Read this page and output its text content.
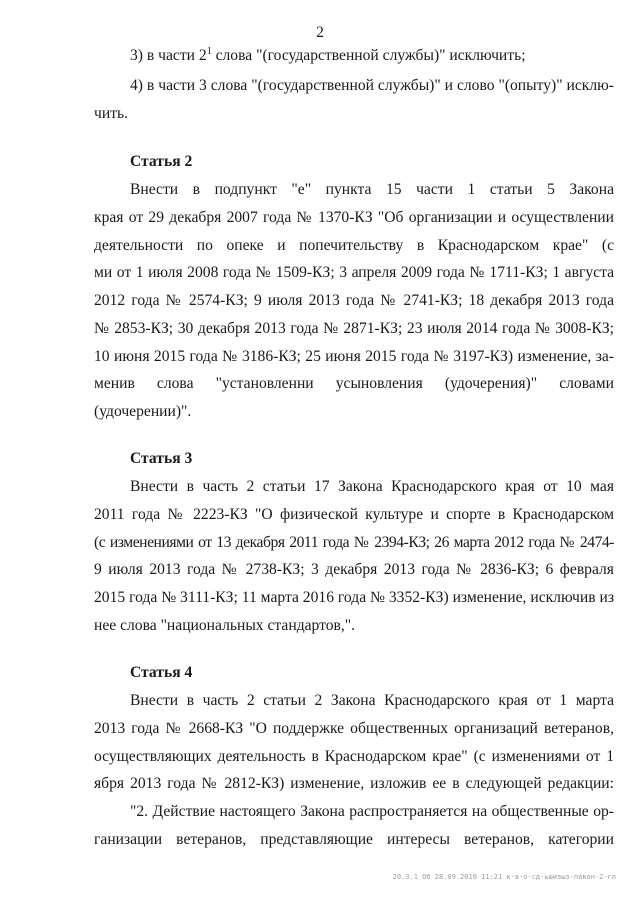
2
3) в части $2^1$ слова "(государственной службы)" исключить;
4) в части 3 слова "(государственной службы)" и слово "(опыту)" исклю-
чить.
Статья 2
Внести в подпункт "е" пункта 15 части 1 статьи 5 Закона
края от 29 декабря 2007 года № 1370-КЗ "Об организации и осуществлении
деятельности по опеке и попечительству в Краснодарском крае" (с
ми от 1 июля 2008 года № 1509-КЗ; 3 апреля 2009 года № 1711-КЗ; 1 августа
2012 года № 2574-КЗ; 9 июля 2013 года № 2741-КЗ; 18 декабря 2013 года
№ 2853-КЗ; 30 декабря 2013 года № 2871-КЗ; 23 июля 2014 года № 3008-КЗ;
10 июня 2015 года № 3186-КЗ; 25 июня 2015 года № 3197-КЗ) изменение, за-
менив слова "установленни усыновления (удочерения)" словами
(удочерении)".
Статья 3
Внести в часть 2 статьи 17 Закона Краснодарского края от 10 мая
2011 года № 2223-КЗ "О физической культуре и спорте в Краснодарском
(с изменениями от 13 декабря 2011 года № 2394-КЗ; 26 марта 2012 года № 2474-
9 июля 2013 года № 2738-КЗ; 3 декабря 2013 года № 2836-КЗ; 6 февраля
2015 года № 3111-КЗ; 11 марта 2016 года № 3352-КЗ) изменение, исключив из
нее слова "национальных стандартов,".
Статья 4
Внести в часть 2 статьи 2 Закона Краснодарского края от 1 марта
2013 года № 2668-КЗ "О поддержке общественных организаций ветеранов,
осуществляющих деятельность в Краснодарском крае" (с изменениями от 1
ября 2013 года № 2812-КЗ) изменение, изложив ее в следующей редакции:
"2. Действие настоящего Закона распространяется на общественные ор-
ганизации ветеранов, представляющие интересы ветеранов, категории
20.3.1 Об 28.09.2016 11:21 к-в-о-сд-ьшизыз-пакон-2-гл
